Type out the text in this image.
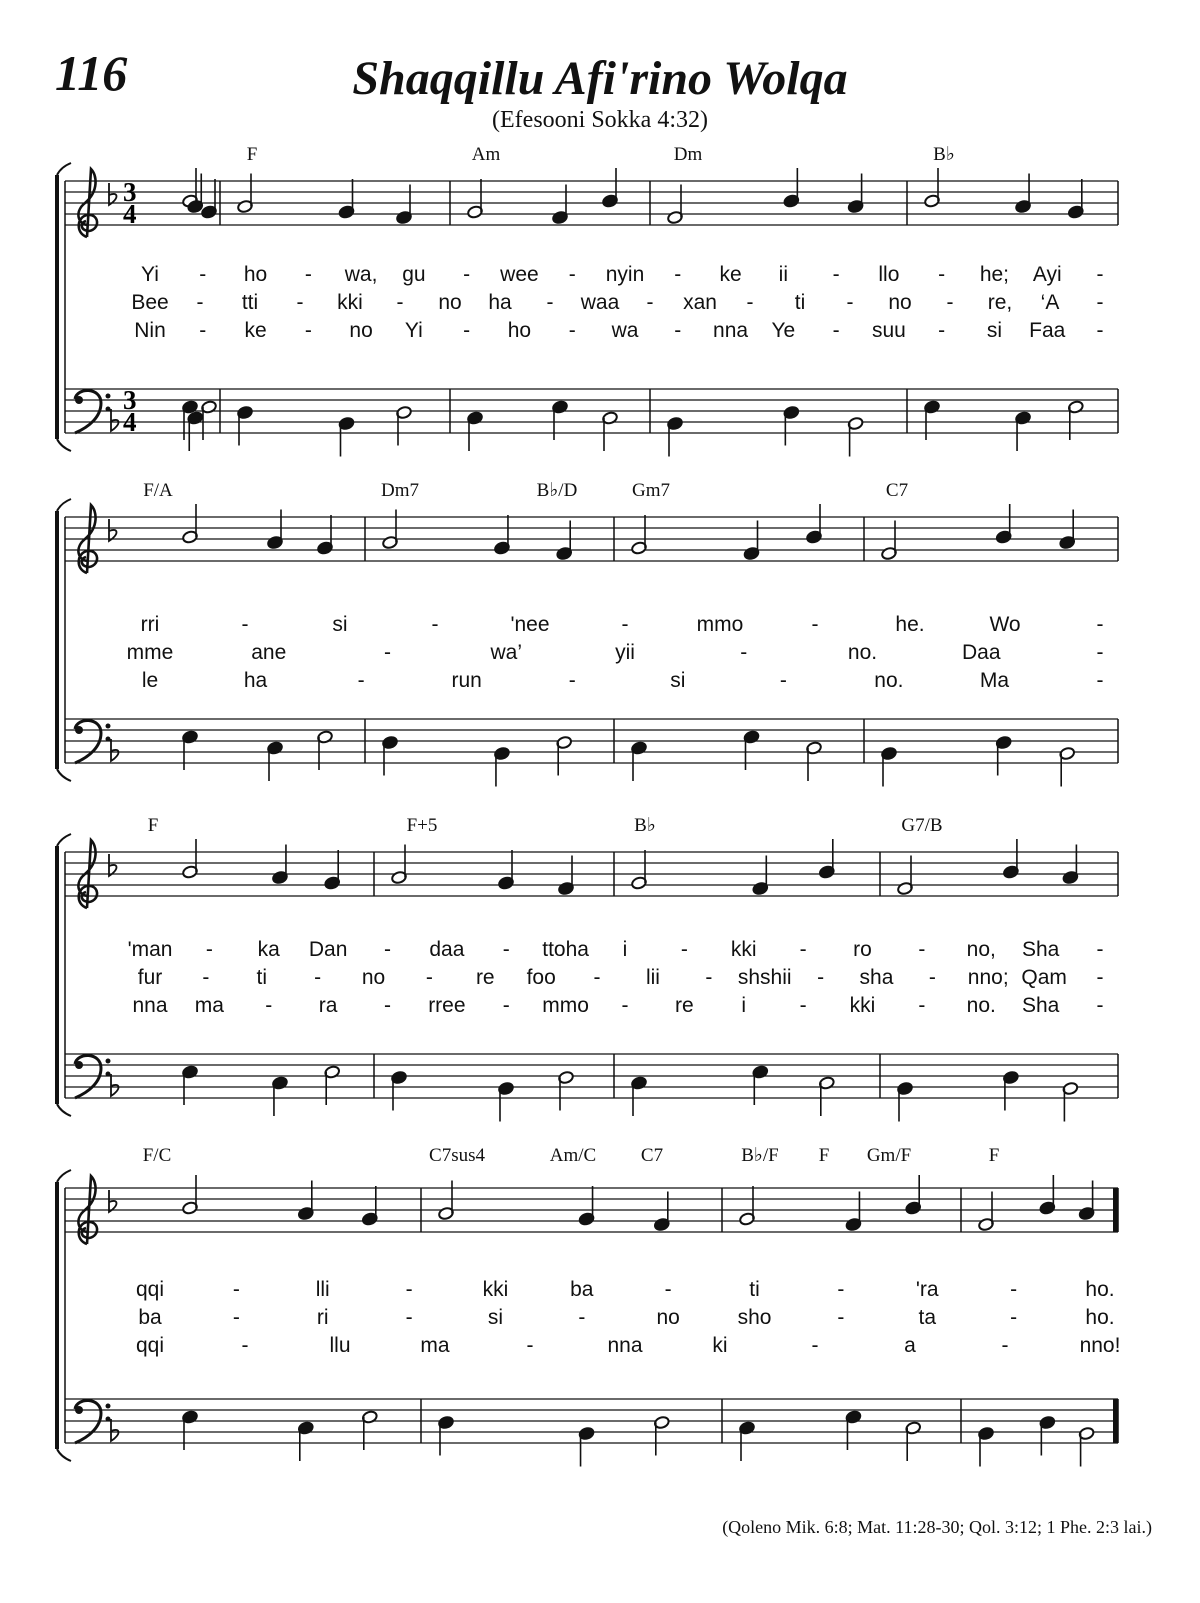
116	Shaqqillu Afi'rino Wolqa
(Efesooni Sokka 4:32)
3
4
3
4
F	Am	Dm	B♭
Yi - ho - wa, gu - wee - nyin - ke ii - llo - he; Ayi -
Bee - tti - kki - no ha - waa - xan - ti - no - re, ‘A -
Nin - ke - no Yi - ho - wa - nna Ye - suu - si Faa -
F/A	Dm7	B♭/D	Gm7	C7
rri	-	si	-	'nee	-	mmo	-	he.	Wo	-
mme	ane	-	wa’	yii	-	no.	Daa	-
le	ha	-	run	-	si	-	no.	Ma	-
F	F+5	B♭	G7/B
'man - ka Dan - daa - ttoha i	- kki - ro - no, Sha -
fur - ti - no - re foo - lii - shshii - sha - nno; Qam -
nna ma - ra - rree - mmo - re i	- kki - no. Sha -
F/C	C7sus4	Am/C C7	B♭/F F Gm/F	F
qqi	-	lli	-	kki	ba	-	ti	-	'ra	-	ho.
ba	-	ri	-	si	-	no	sho	-	ta	-	ho.
qqi	-	llu	ma	-	nna	ki	-	a	-	nno!
(Qoleno Mik. 6:8; Mat. 11:28-30; Qol. 3:12; 1 Phe. 2:3 lai.)
